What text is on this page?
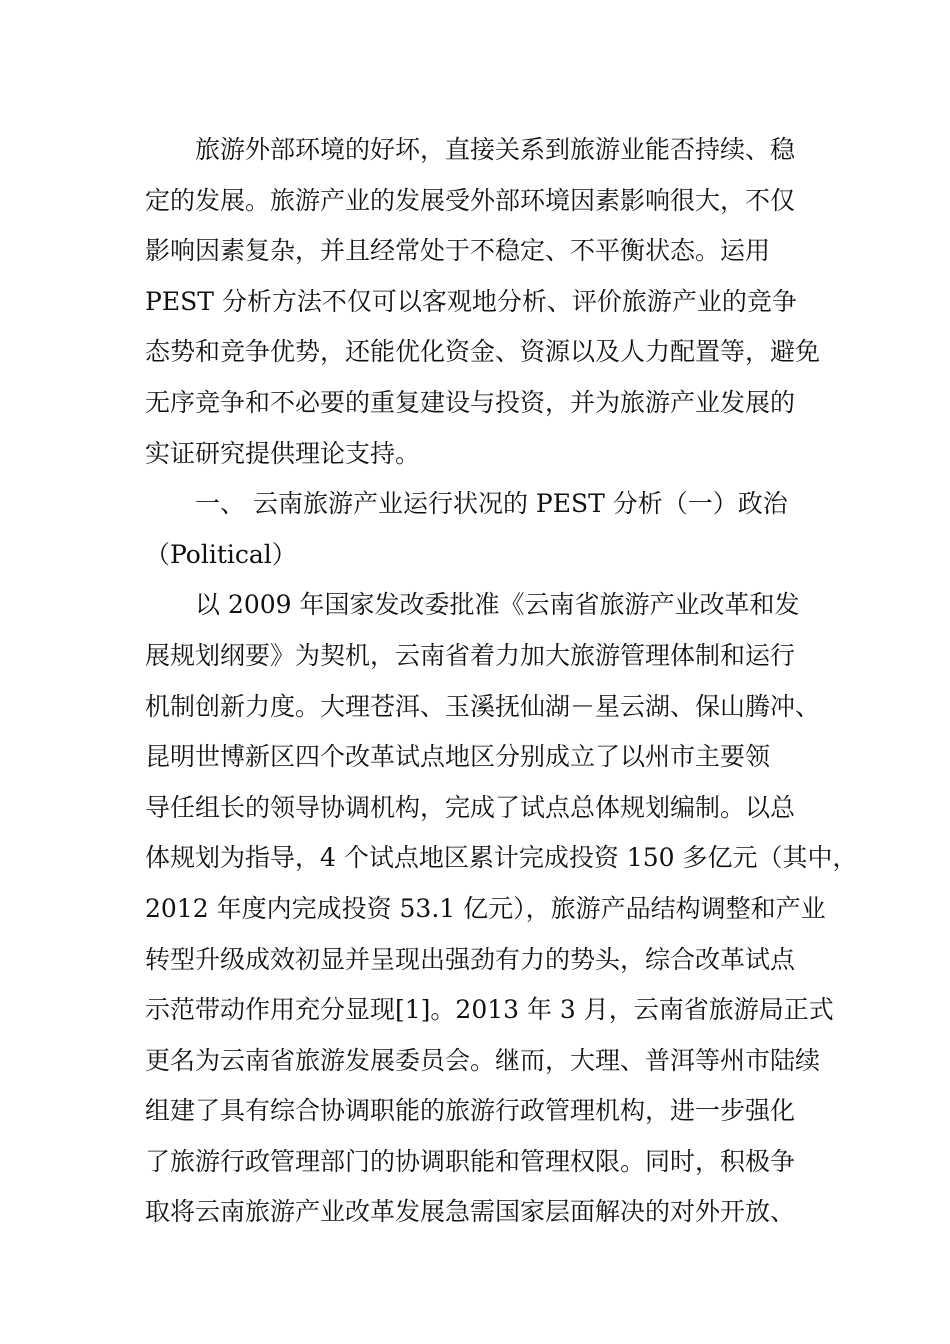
旅游外部环境的好坏，直接关系到旅游业能否持续、稳
定的发展。旅游产业的发展受外部环境因素影响很大，不仅
影响因素复杂，并且经常处于不稳定、不平衡状态。运用
PEST 分析方法不仅可以客观地分析、评价旅游产业的竞争
态势和竞争优势，还能优化资金、资源以及人力配置等，避免
无序竞争和不必要的重复建设与投资，并为旅游产业发展的
实证研究提供理论支持。
一、 云南旅游产业运行状况的 PEST 分析（一）政治
（Political）
以 2009 年国家发改委批准《云南省旅游产业改革和发
展规划纲要》为契机，云南省着力加大旅游管理体制和运行
机制创新力度。大理苍洱、玉溪抚仙湖－星云湖、保山腾冲、
昆明世博新区四个改革试点地区分别成立了以州市主要领
导任组长的领导协调机构，完成了试点总体规划编制。以总
体规划为指导，4 个试点地区累计完成投资 150 多亿元（其中，
2012 年度内完成投资 53.1 亿元），旅游产品结构调整和产业
转型升级成效初显并呈现出强劲有力的势头，综合改革试点
示范带动作用充分显现[1]。2013 年 3 月，云南省旅游局正式
更名为云南省旅游发展委员会。继而，大理、普洱等州市陆续
组建了具有综合协调职能的旅游行政管理机构，进一步强化
了旅游行政管理部门的协调职能和管理权限。同时，积极争
取将云南旅游产业改革发展急需国家层面解决的对外开放、
